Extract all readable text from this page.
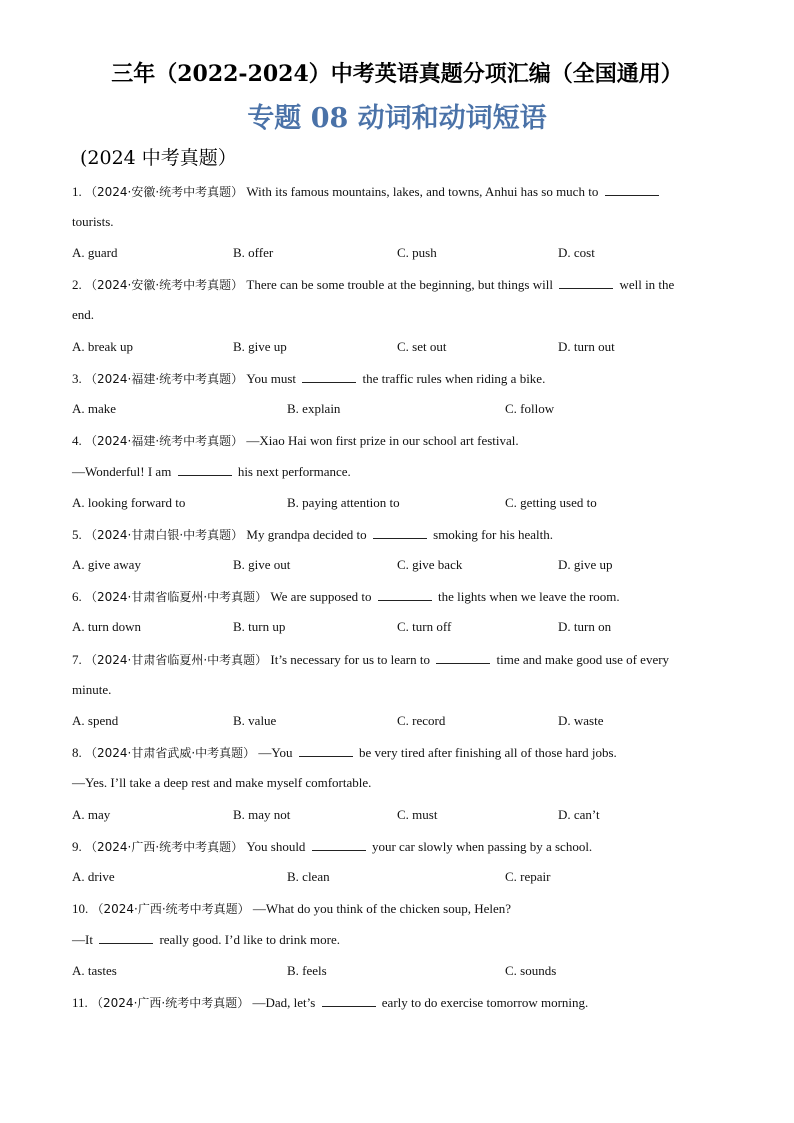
三年（2022-2024）中考英语真题分项汇编（全国通用）
专题 08 动词和动词短语
(2024 中考真题）
1. （2024·安徽·统考中考真题） With its famous mountains, lakes, and towns, Anhui has so much to
tourists.
A. guard	B. offer	C. push	D. cost
2. （2024·安徽·统考中考真题） There can be some trouble at the beginning, but things will	well in the
end.
A. break up	B. give up	C. set out	D. turn out
3. （2024·福建·统考中考真题） You must	the traffic rules when riding a bike.
A. make	B. explain	C. follow
4. （2024·福建·统考中考真题） —Xiao Hai won first prize in our school art festival.
—Wonderful! I am	his next performance.
A. looking forward to	B. paying attention to	C. getting used to
5. （2024·甘肃白银·中考真题） My grandpa decided to	smoking for his health.
A. give away	B. give out	C. give back	D. give up
6. （2024·甘肃省临夏州·中考真题） We are supposed to	the lights when we leave the room.
A. turn down	B. turn up	C. turn off	D. turn on
7. （2024·甘肃省临夏州·中考真题） It’s necessary for us to learn to	time and make good use of every
minute.
A. spend	B. value	C. record	D. waste
8. （2024·甘肃省武威·中考真题） —You	be very tired after finishing all of those hard jobs.
—Yes. I’ll take a deep rest and make myself comfortable.
A. may	B. may not	C. must	D. can’t
9. （2024·广西·统考中考真题） You should	your car slowly when passing by a school.
A. drive	B. clean	C. repair
10. （2024·广西·统考中考真题） —What do you think of the chicken soup, Helen?
—It	really good. I’d like to drink more.
A. tastes	B. feels	C. sounds
11. （2024·广西·统考中考真题） —Dad, let’s	early to do exercise tomorrow morning.
